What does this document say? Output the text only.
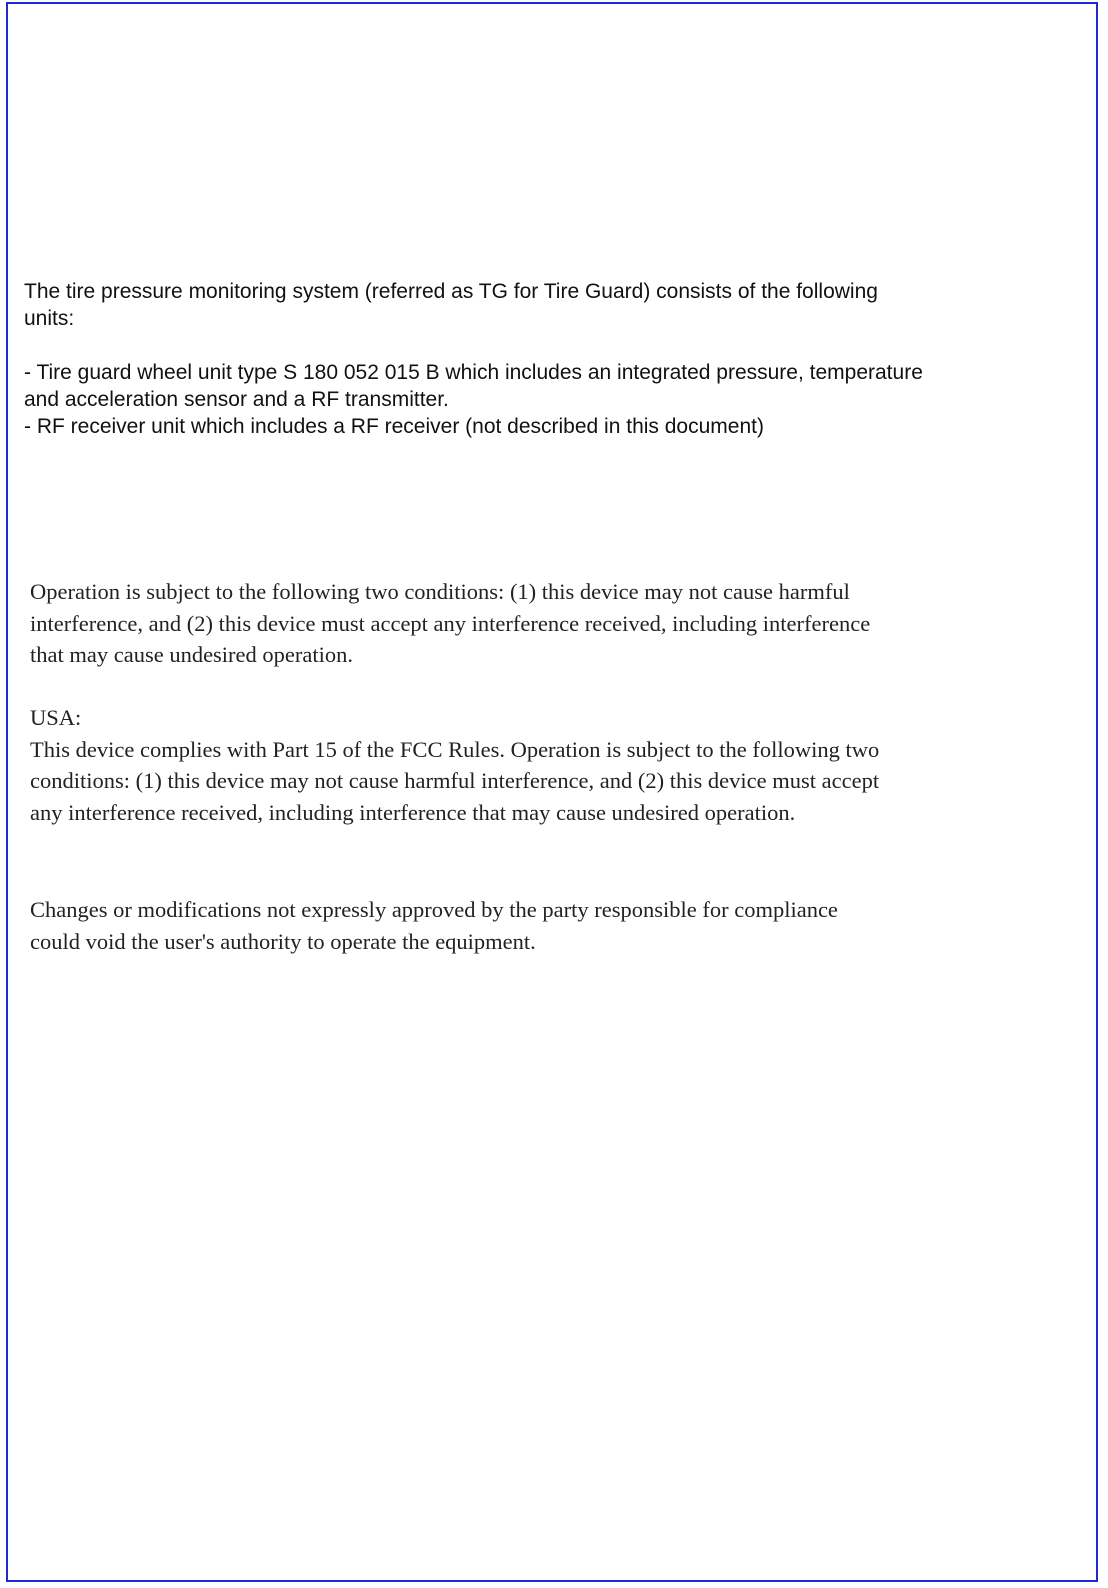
The tire pressure monitoring system (referred as TG for Tire Guard) consists of the following

units:

- Tire guard wheel unit type S 180 052 015 B which includes an integrated pressure, temperature

and acceleration sensor and a RF transmitter.

- RF receiver unit which includes a RF receiver (not described in this document)

Operation is subject to the following two conditions: (1) this device may not cause harmful

interference, and (2) this device must accept any interference received, including interference

that may cause undesired operation.

USA:

This device complies with Part 15 of the FCC Rules. Operation is subject to the following two

conditions: (1) this device may not cause harmful interference, and (2) this device must accept

any interference received, including interference that may cause undesired operation.

Changes or modifications not expressly approved by the party responsible for compliance

could void the user's authority to operate the equipment.
